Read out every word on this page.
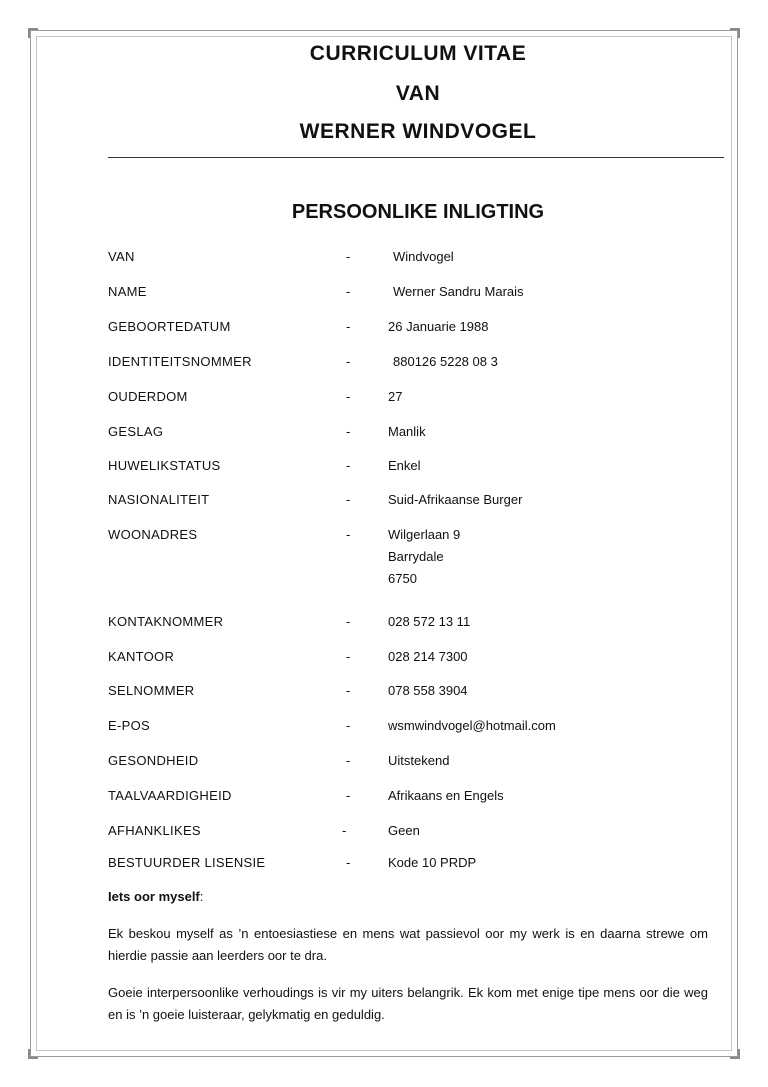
CURRICULUM VITAE
VAN
WERNER WINDVOGEL
PERSOONLIKE INLIGTING
VAN	-	Windvogel
NAME	-	Werner Sandru Marais
GEBOORTEDATUM	-	26 Januarie 1988
IDENTITEITSNOMMER	-	880126 5228 08 3
OUDERDOM	-	27
GESLAG	-	Manlik
HUWELIKSTATUS	-	Enkel
NASIONALITEIT	-	Suid-Afrikaanse Burger
WOONADRES	-	Wilgerlaan 9
Barrydale
6750
KONTAKNOMMER	-	028 572 13 11
KANTOOR	-	028 214 7300
SELNOMMER	-	078 558 3904
E-POS	-	wsmwindvogel@hotmail.com
GESONDHEID	-	Uitstekend
TAALVAARDIGHEID	-	Afrikaans en Engels
AFHANKLIKES	-	Geen
BESTUURDER LISENSIE	-	Kode 10 PRDP
Iets oor myself:
Ek beskou myself as ’n entoesiastiese en mens wat passievol oor my werk is en daarna strewe om hierdie passie aan leerders oor te dra.
Goeie interpersoonlike verhoudings is vir my uiters belangrik. Ek kom met enige tipe mens oor die weg en is ’n goeie luisteraar, gelykmatig en geduldig.
